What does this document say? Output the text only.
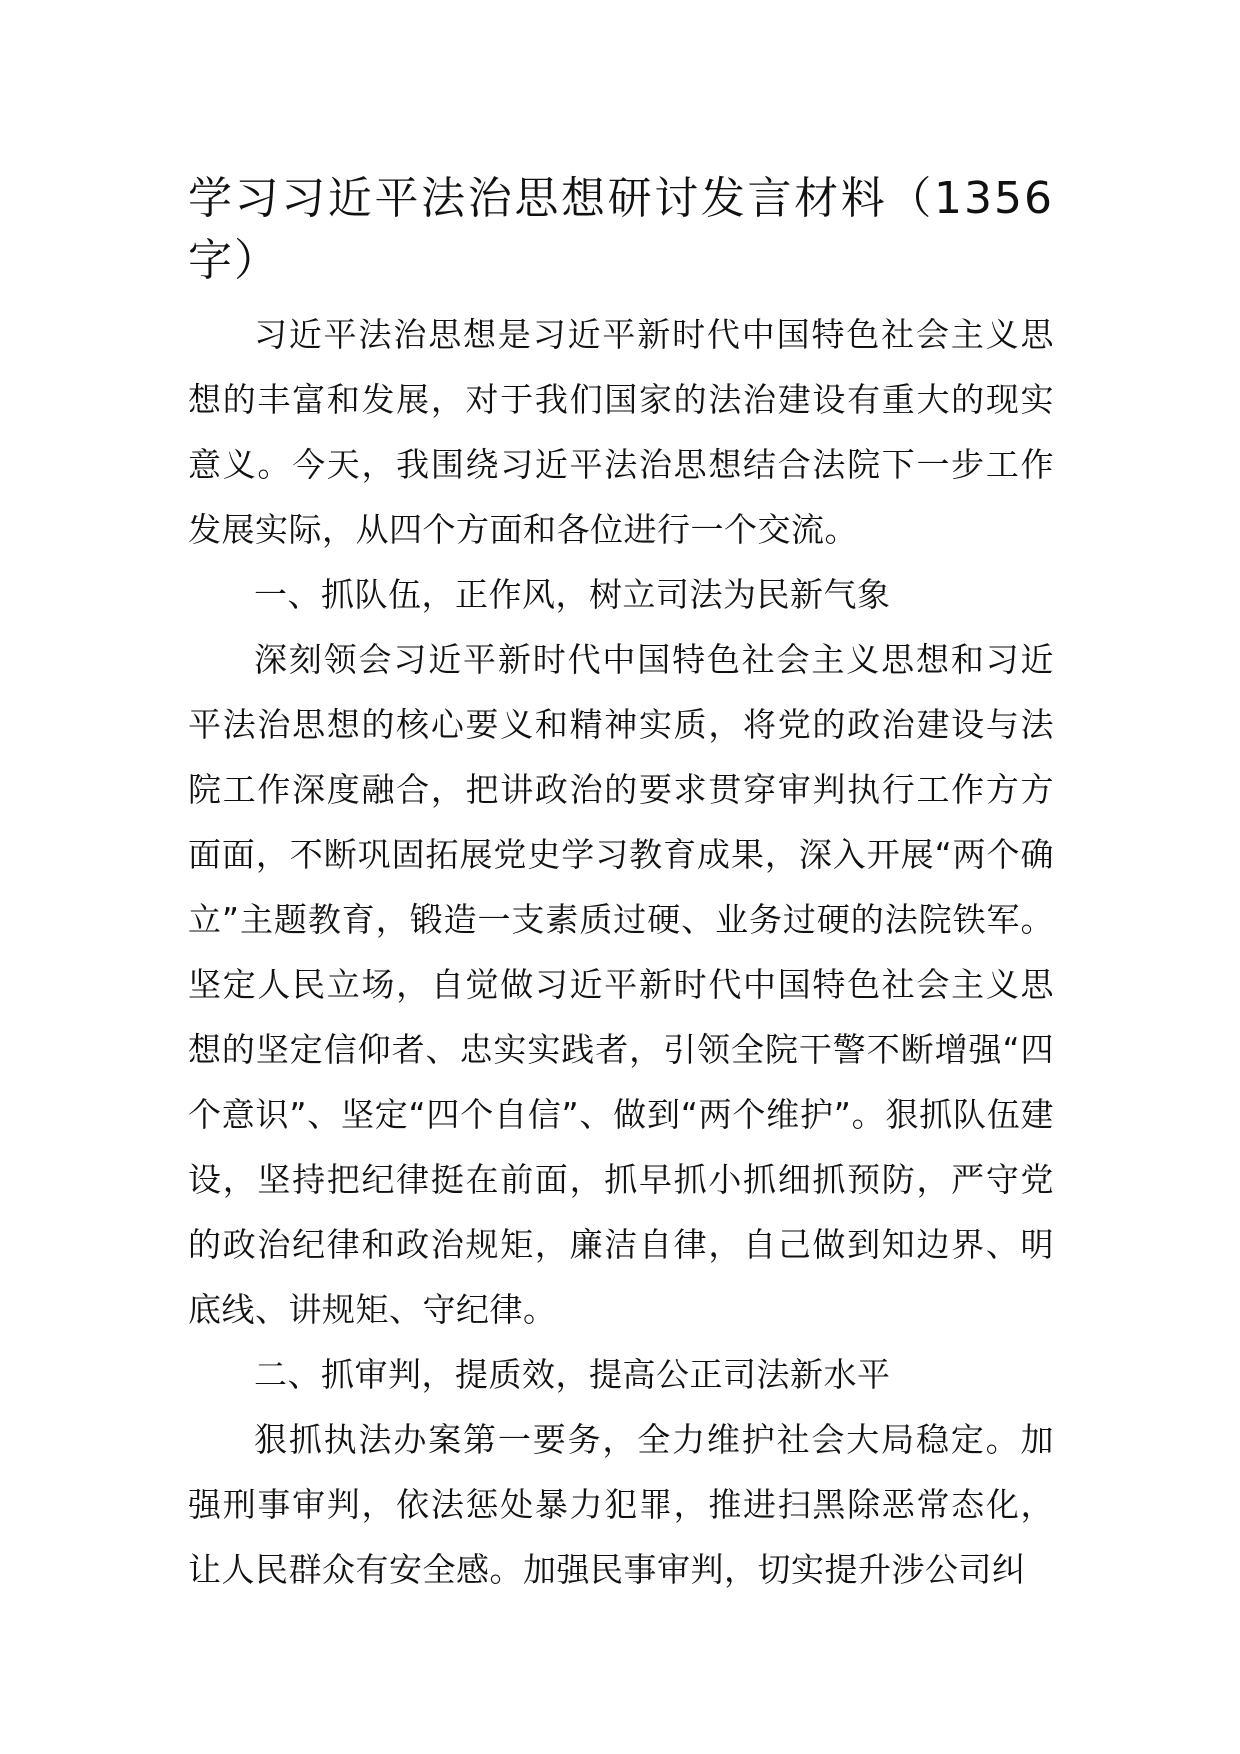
学习习近平法治思想研讨发言材料（1356字）

习近平法治思想是习近平新时代中国特色社会主义思想的丰富和发展，对于我们国家的法治建设有重大的现实意义。今天，我围绕习近平法治思想结合法院下一步工作发展实际，从四个方面和各位进行一个交流。

一、抓队伍，正作风，树立司法为民新气象

深刻领会习近平新时代中国特色社会主义思想和习近平法治思想的核心要义和精神实质，将党的政治建设与法院工作深度融合，把讲政治的要求贯穿审判执行工作方方面面，不断巩固拓展党史学习教育成果，深入开展“两个确立”主题教育，锻造一支素质过硬、业务过硬的法院铁军。坚定人民立场，自觉做习近平新时代中国特色社会主义思想的坚定信仰者、忠实实践者，引领全院干警不断增强“四个意识”、坚定“四个自信”、做到“两个维护”。狠抓队伍建设，坚持把纪律挺在前面，抓早抓小抓细抓预防，严守党的政治纪律和政治规矩，廉洁自律，自己做到知边界、明底线、讲规矩、守纪律。

二、抓审判，提质效，提高公正司法新水平

狠抓执法办案第一要务，全力维护社会大局稳定。加强刑事审判，依法惩处暴力犯罪，推进扫黑除恶常态化，让人民群众有安全感。加强民事审判，切实提升涉公司纠
